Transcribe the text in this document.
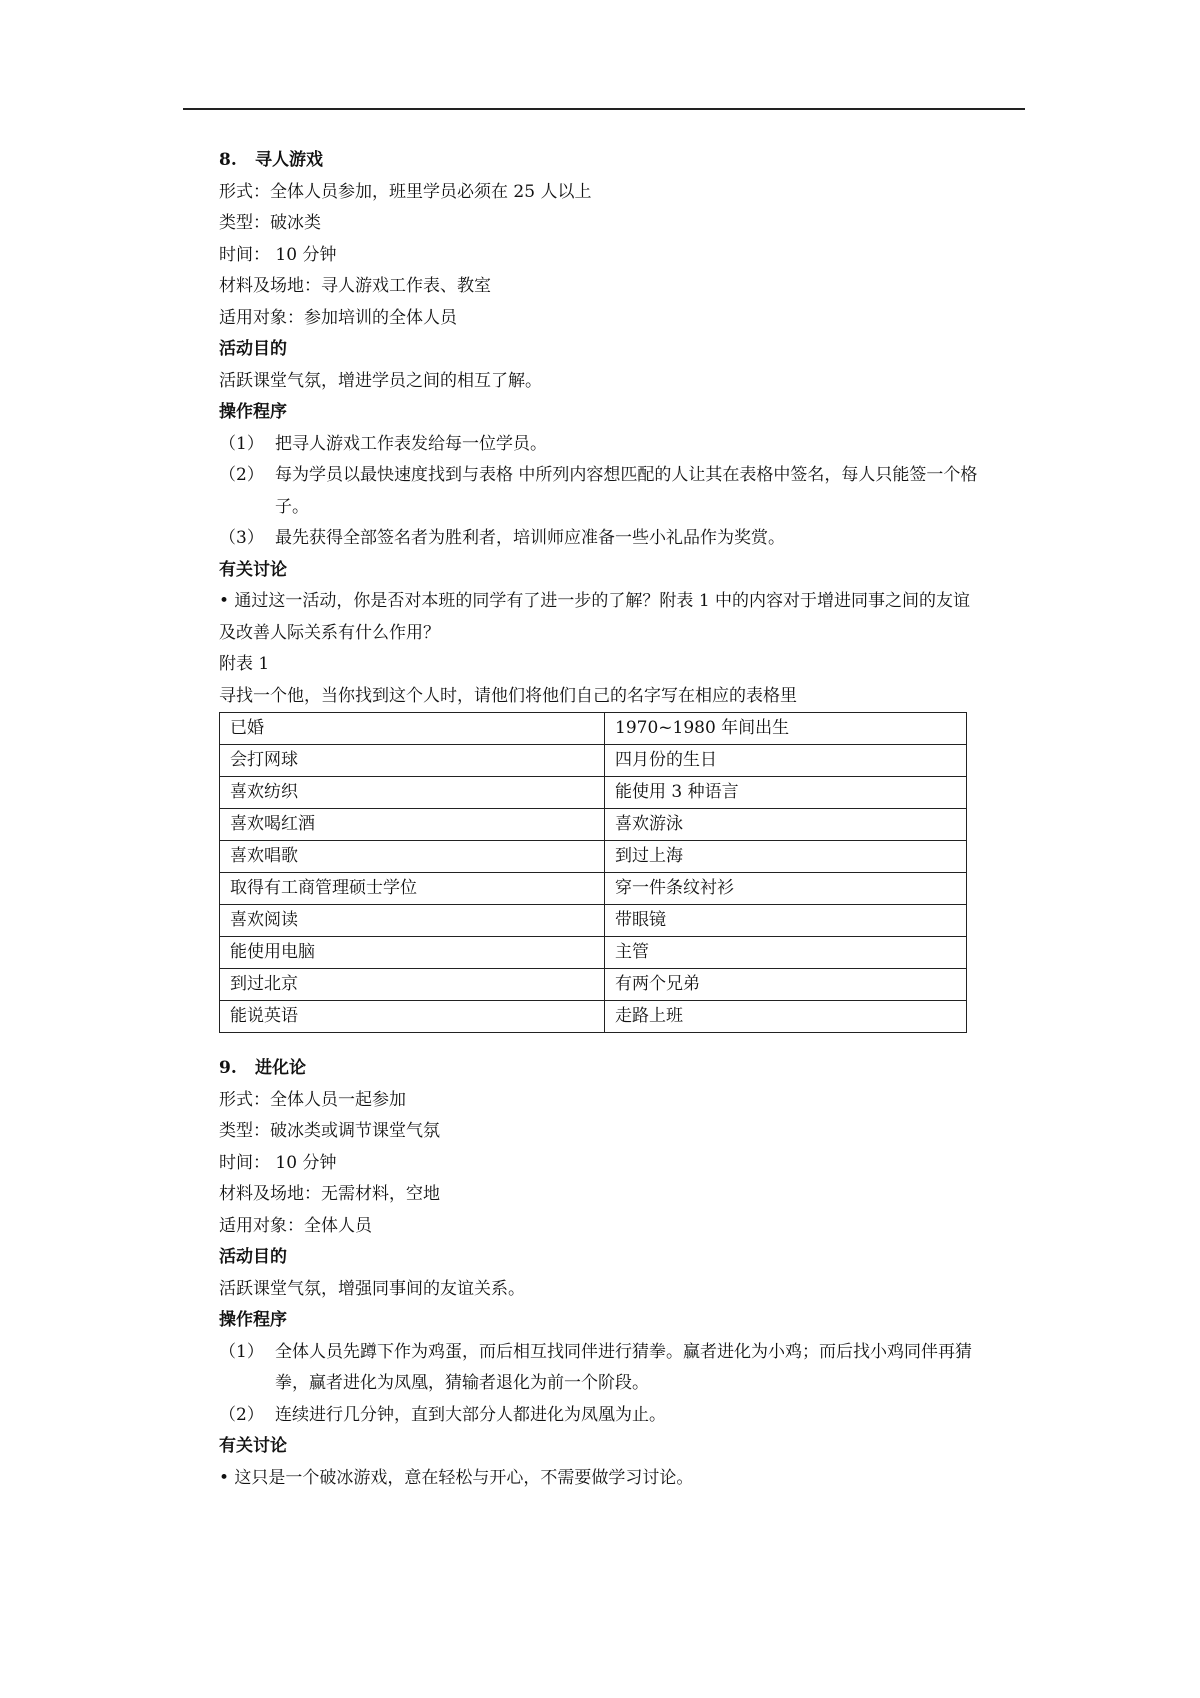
8. 寻人游戏
形式：全体人员参加，班里学员必须在 25 人以上
类型：破冰类
时间： 10 分钟
材料及场地：寻人游戏工作表、教室
适用对象：参加培训的全体人员
活动目的
活跃课堂气氛，增进学员之间的相互了解。
操作程序
（1） 把寻人游戏工作表发给每一位学员。
（2） 每为学员以最快速度找到与表格 中所列内容想匹配的人让其在表格中签名，每人只能签一个格
子。
（3） 最先获得全部签名者为胜利者，培训师应准备一些小礼品作为奖赏。
有关讨论
• 通过这一活动，你是否对本班的同学有了进一步的了解？附表 1 中的内容对于增进同事之间的友谊
及改善人际关系有什么作用？
附表 1
寻找一个他，当你找到这个人时，请他们将他们自己的名字写在相应的表格里
已婚	1970~1980 年间出生
会打网球	四月份的生日
喜欢纺织	能使用 3 种语言
喜欢喝红酒	喜欢游泳
喜欢唱歌	到过上海
取得有工商管理硕士学位	穿一件条纹衬衫
喜欢阅读	带眼镜
能使用电脑	主管
到过北京	有两个兄弟
能说英语	走路上班
9. 进化论
形式：全体人员一起参加
类型：破冰类或调节课堂气氛
时间： 10 分钟
材料及场地：无需材料，空地
适用对象：全体人员
活动目的
活跃课堂气氛，增强同事间的友谊关系。
操作程序
（1） 全体人员先蹲下作为鸡蛋，而后相互找同伴进行猜拳。赢者进化为小鸡；而后找小鸡同伴再猜
拳，赢者进化为凤凰，猜输者退化为前一个阶段。
（2） 连续进行几分钟，直到大部分人都进化为凤凰为止。
有关讨论
• 这只是一个破冰游戏，意在轻松与开心，不需要做学习讨论。
